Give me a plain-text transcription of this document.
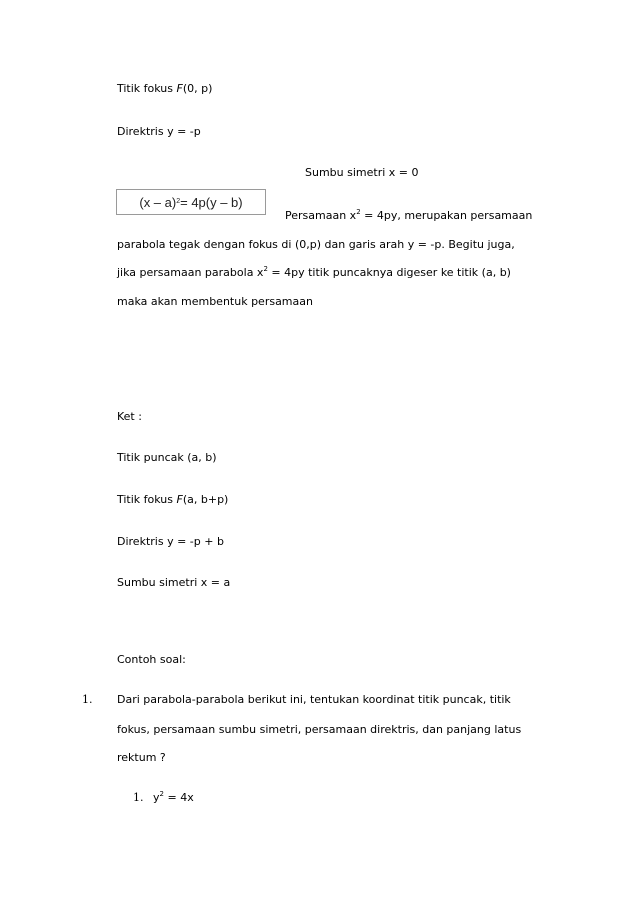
Titik fokus F(0, p)
Direktris y = -p
Sumbu simetri x = 0
(x – a) 2 = 4p(y – b)
Persamaan $x^2 = 4py$, merupakan persamaan
parabola tegak dengan fokus di (0,p) dan garis arah y = -p. Begitu juga,
jika persamaan parabola $x^2 = 4py$ titik puncaknya digeser ke titik (a, b)
maka akan membentuk persamaan
Ket :
Titik puncak (a, b)
Titik fokus F(a, b+p)
Direktris y = -p + b
Sumbu simetri x = a
Contoh soal:
1. Dari parabola-parabola berikut ini, tentukan koordinat titik puncak, titik
fokus, persamaan sumbu simetri, persamaan direktris, dan panjang latus
rektum ?
1. $y^2 = 4x$
